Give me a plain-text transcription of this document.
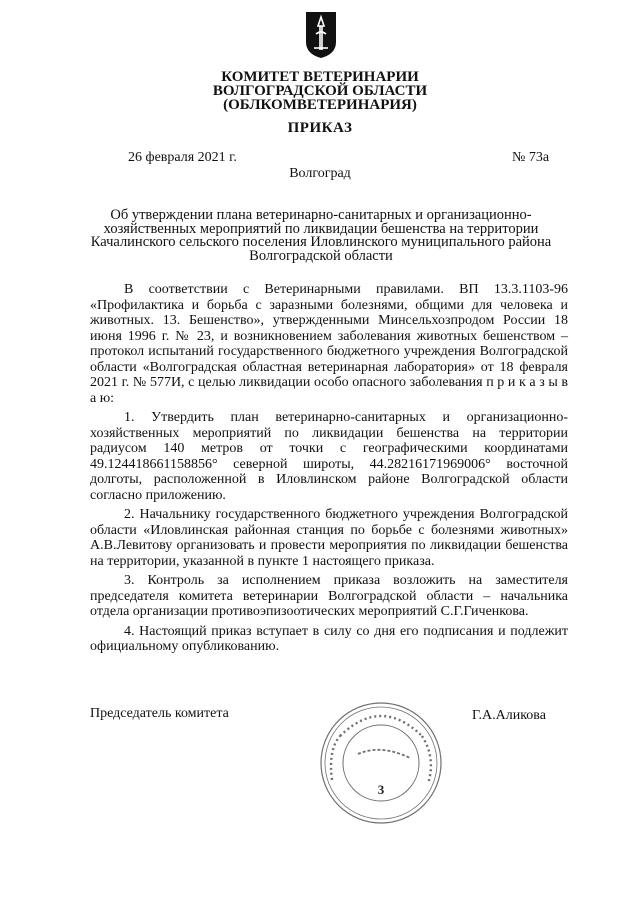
КОМИТЕТ ВЕТЕРИНАРИИ
ВОЛГОГРАДСКОЙ ОБЛАСТИ
(ОБЛКОМВЕТЕРИНАРИЯ)
ПРИКАЗ
26 февраля 2021 г.	№ 73а
Волгоград
Об утверждении плана ветеринарно-санитарных и организационно-
хозяйственных мероприятий по ликвидации бешенства на территории
Качалинского сельского поселения Иловлинского муниципального района
Волгоградской области

В соответствии с Ветеринарными правилами. ВП 13.3.1103-96 «Профилактика и борьба с заразными болезнями, общими для человека и животных. 13. Бешенство», утвержденными Минсельхозпродом России 18 июня 1996 г. № 23, и возникновением заболевания животных бешенством – протокол испытаний государственного бюджетного учреждения Волгоградской области «Волгоградская областная ветеринарная лаборатория» от 18 февраля 2021 г. № 577И, с целью ликвидации особо опасного заболевания п р и к а з ы в а ю:

1. Утвердить план ветеринарно-санитарных и организационно-хозяйственных мероприятий по ликвидации бешенства на территории радиусом 140 метров от точки с географическими координатами 49.124418661158856° северной широты, 44.28216171969006° восточной долготы, расположенной в Иловлинском районе Волгоградской области согласно приложению.

2. Начальнику государственного бюджетного учреждения Волгоградской области «Иловлинская районная станция по борьбе с болезнями животных» А.В.Левитову организовать и провести мероприятия по ликвидации бешенства на территории, указанной в пункте 1 настоящего приказа.

3. Контроль за исполнением приказа возложить на заместителя председателя комитета ветеринарии Волгоградской области – начальника отдела организации противоэпизоотических мероприятий С.Г.Гиченкова.

4. Настоящий приказ вступает в силу со дня его подписания и подлежит официальному опубликованию.

Председатель комитета	Г.А.Аликова
3
